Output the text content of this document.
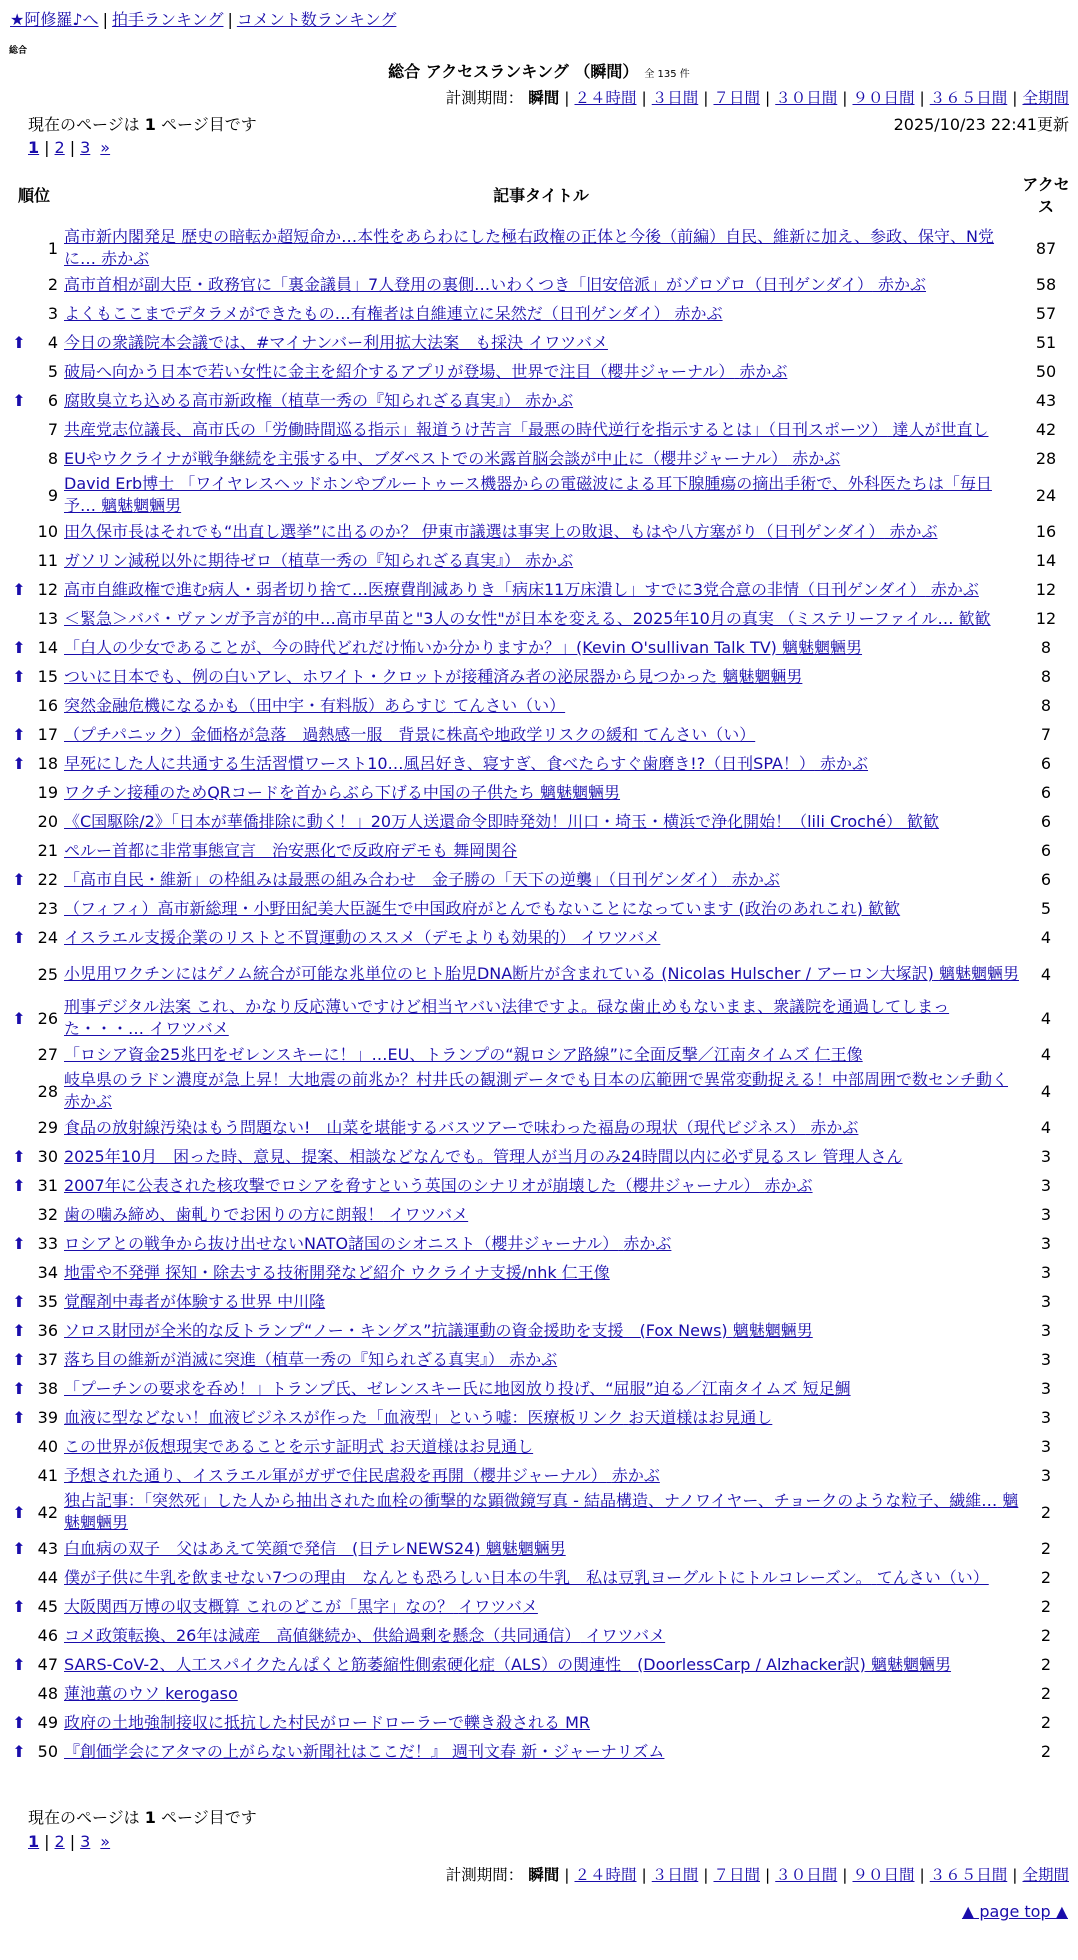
★阿修羅♪へ | 拍手ランキング | コメント数ランキング
総合
総合 アクセスランキング （瞬間） 全 135 件
計測期間： 瞬間 | ２４時間 | ３日間 | ７日間 | ３０日間 | ９０日間 | ３６５日間 | 全期間
現在のページは 1 ページ目です	2025/10/23 22:41更新
1 | 2 | 3 »
順位		記事タイトル	アクセス
	1	高市新内閣発足 歴史の暗転か超短命か…本性をあらわにした極右政権の正体と今後（前編）自民、維新に加え、参政、保守、N党に… 赤かぶ	87
	2	高市首相が副大臣・政務官に「裏金議員」7人登用の裏側…いわくつき「旧安倍派」がゾロゾロ（日刊ゲンダイ） 赤かぶ	58
	3	よくもここまでデタラメができたもの…有権者は自維連立に呆然だ（日刊ゲンダイ） 赤かぶ	57
⬆	4	今日の衆議院本会議では、#マイナンバー利用拡大法案　も採決 イワツバメ	51
	5	破局へ向かう日本で若い女性に金主を紹介するアプリが登場、世界で注目（櫻井ジャーナル） 赤かぶ	50
⬆	6	腐敗臭立ち込める高市新政権（植草一秀の『知られざる真実』） 赤かぶ	43
	7	共産党志位議長、高市氏の「労働時間巡る指示」報道うけ苦言「最悪の時代逆行を指示するとは」（日刊スポーツ） 達人が世直し	42
	8	EUやウクライナが戦争継続を主張する中、ブダペストでの米露首脳会談が中止に（櫻井ジャーナル） 赤かぶ	28
	9	David Erb博士 「ワイヤレスヘッドホンやブルートゥース機器からの電磁波による耳下腺腫瘍の摘出手術で、外科医たちは「毎日予… 魑魅魍魎男	24
	10	田久保市長はそれでも“出直し選挙”に出るのか？ 伊東市議選は事実上の敗退、もはや八方塞がり（日刊ゲンダイ） 赤かぶ	16
	11	ガソリン減税以外に期待ゼロ（植草一秀の『知られざる真実』） 赤かぶ	14
⬆	12	高市自維政権で進む病人・弱者切り捨て…医療費削減ありき「病床11万床潰し」すでに3党合意の非情（日刊ゲンダイ） 赤かぶ	12
	13	＜緊急＞ババ・ヴァンガ予言が的中…高市早苗と"3人の女性"が日本を変える、2025年10月の真実 （ミステリーファイル… 歓歓	12
⬆	14	「白人の少女であることが、今の時代どれだけ怖いか分かりますか？」(Kevin O'sullivan Talk TV) 魑魅魍魎男	8
⬆	15	ついに日本でも、例の白いアレ、ホワイト・クロットが接種済み者の泌尿器から見つかった 魑魅魍魎男	8
	16	突然金融危機になるかも（田中宇・有料版）あらすじ てんさい（い）	8
⬆	17	（プチパニック）金価格が急落　過熱感一服　背景に株高や地政学リスクの緩和 てんさい（い）	7
⬆	18	早死にした人に共通する生活習慣ワースト10…風呂好き、寝すぎ、食べたらすぐ歯磨き!?（日刊SPA！） 赤かぶ	6
	19	ワクチン接種のためQRコードを首からぶら下げる中国の子供たち 魑魅魍魎男	6
	20	《C国駆除/2》「日本が華僑排除に動く！」20万人送還命令即時発効！川口・埼玉・横浜で浄化開始！（lili Croché） 歓歓	6
	21	ペルー首都に非常事態宣言　治安悪化で反政府デモも 舞岡関谷	6
⬆	22	「高市自民・維新」の枠組みは最悪の組み合わせ　金子勝の「天下の逆襲」（日刊ゲンダイ） 赤かぶ	6
	23	（フィフィ）高市新総理・小野田紀美大臣誕生で中国政府がとんでもないことになっています (政治のあれこれ) 歓歓	5
⬆	24	イスラエル支援企業のリストと不買運動のススメ（デモよりも効果的） イワツバメ	4
	25	小児用ワクチンにはゲノム統合が可能な兆単位のヒト胎児DNA断片が含まれている (Nicolas Hulscher / アーロン大塚訳) 魑魅魍魎男	4
⬆	26	刑事デジタル法案 これ、かなり反応薄いですけど相当ヤバい法律ですよ。碌な歯止めもないまま、衆議院を通過してしまった・・・… イワツバメ	4
	27	「ロシア資金25兆円をゼレンスキーに！」…EU、トランプの“親ロシア路線”に全面反撃／江南タイムズ 仁王像	4
	28	岐阜県のラドン濃度が急上昇！大地震の前兆か？村井氏の観測データでも日本の広範囲で異常変動捉える！中部周囲で数センチ動く 赤かぶ	4
	29	食品の放射線汚染はもう問題ない!　山菜を堪能するバスツアーで味わった福島の現状（現代ビジネス） 赤かぶ	4
⬆	30	2025年10月　困った時、意見、提案、相談などなんでも。管理人が当月のみ24時間以内に必ず見るスレ 管理人さん	3
⬆	31	2007年に公表された核攻撃でロシアを脅すという英国のシナリオが崩壊した（櫻井ジャーナル） 赤かぶ	3
	32	歯の噛み締め、歯軋りでお困りの方に朗報！ イワツバメ	3
⬆	33	ロシアとの戦争から抜け出せないNATO諸国のシオニスト（櫻井ジャーナル） 赤かぶ	3
	34	地雷や不発弾 探知・除去する技術開発など紹介 ウクライナ支援/nhk 仁王像	3
⬆	35	覚醒剤中毒者が体験する世界 中川隆	3
⬆	36	ソロス財団が全米的な反トランプ“ノー・キングス”抗議運動の資金援助を支援　(Fox News) 魑魅魍魎男	3
⬆	37	落ち目の維新が消滅に突進（植草一秀の『知られざる真実』） 赤かぶ	3
⬆	38	「プーチンの要求を呑め！」トランプ氏、ゼレンスキー氏に地図放り投げ、“屈服”迫る／江南タイムズ 短足鯛	3
⬆	39	血液に型などない！血液ビジネスが作った「血液型」という嘘：医療板リンク お天道様はお見通し	3
	40	この世界が仮想現実であることを示す証明式 お天道様はお見通し	3
	41	予想された通り、イスラエル軍がガザで住民虐殺を再開（櫻井ジャーナル） 赤かぶ	3
⬆	42	独占記事：「突然死」した人から抽出された血栓の衝撃的な顕微鏡写真 - 結晶構造、ナノワイヤー、チョークのような粒子、繊維… 魑魅魍魎男	2
⬆	43	白血病の双子　父はあえて笑顔で発信　(日テレNEWS24) 魑魅魍魎男	2
	44	僕が子供に牛乳を飲ませない7つの理由　なんとも恐ろしい日本の牛乳　私は豆乳ヨーグルトにトルコレーズン。 てんさい（い）	2
⬆	45	大阪関西万博の収支概算 これのどこが「黒字」なの？ イワツバメ	2
	46	コメ政策転換、26年は減産　高値継続か、供給過剰を懸念（共同通信） イワツバメ	2
⬆	47	SARS-CoV-2、人工スパイクたんぱくと筋萎縮性側索硬化症（ALS）の関連性　(DoorlessCarp / Alzhacker訳) 魑魅魍魎男	2
	48	蓮池薫のウソ kerogaso	2
⬆	49	政府の土地強制接収に抵抗した村民がロードローラーで轢き殺される MR	2
⬆	50	『創価学会にアタマの上がらない新聞社はここだ！』 週刊文春 新・ジャーナリズム	2
現在のページは 1 ページ目です
1 | 2 | 3 »
計測期間： 瞬間 | ２４時間 | ３日間 | ７日間 | ３０日間 | ９０日間 | ３６５日間 | 全期間
▲ page top ▲
